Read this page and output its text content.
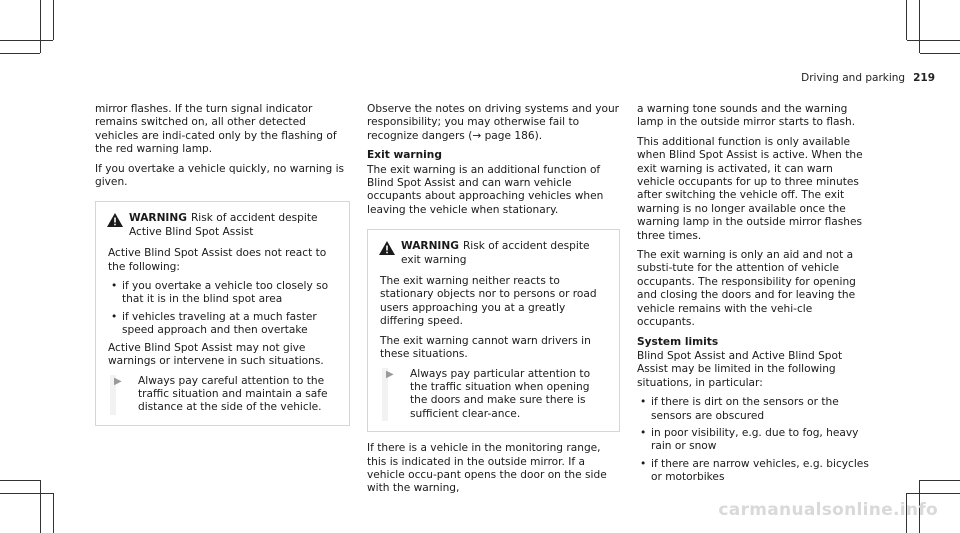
Driving and parking 219

mirror flashes. If the turn signal indicator remains switched on, all other detected vehicles are indi-cated only by the flashing of the red warning lamp.

If you overtake a vehicle quickly, no warning is given.

WARNING Risk of accident despite Active Blind Spot Assist

Active Blind Spot Assist does not react to the following:

• if you overtake a vehicle too closely so that it is in the blind spot area
• if vehicles traveling at a much faster speed approach and then overtake

Active Blind Spot Assist may not give warnings or intervene in such situations.

▶ Always pay careful attention to the traffic situation and maintain a safe distance at the side of the vehicle.

Observe the notes on driving systems and your responsibility; you may otherwise fail to recognize dangers (→ page 186).

Exit warning

The exit warning is an additional function of Blind Spot Assist and can warn vehicle occupants about approaching vehicles when leaving the vehicle when stationary.

WARNING Risk of accident despite exit warning

The exit warning neither reacts to stationary objects nor to persons or road users approaching you at a greatly differing speed.

The exit warning cannot warn drivers in these situations.

▶ Always pay particular attention to the traffic situation when opening the doors and make sure there is sufficient clear-ance.

If there is a vehicle in the monitoring range, this is indicated in the outside mirror. If a vehicle occu-pant opens the door on the side with the warning,

a warning tone sounds and the warning lamp in the outside mirror starts to flash.

This additional function is only available when Blind Spot Assist is active. When the exit warning is activated, it can warn vehicle occupants for up to three minutes after switching the vehicle off. The exit warning is no longer available once the warning lamp in the outside mirror flashes three times.

The exit warning is only an aid and not a substi-tute for the attention of vehicle occupants. The responsibility for opening and closing the doors and for leaving the vehicle remains with the vehi-cle occupants.

System limits

Blind Spot Assist and Active Blind Spot Assist may be limited in the following situations, in particular:

• if there is dirt on the sensors or the sensors are obscured
• in poor visibility, e.g. due to fog, heavy rain or snow
• if there are narrow vehicles, e.g. bicycles or motorbikes
carmanualsonline.info
